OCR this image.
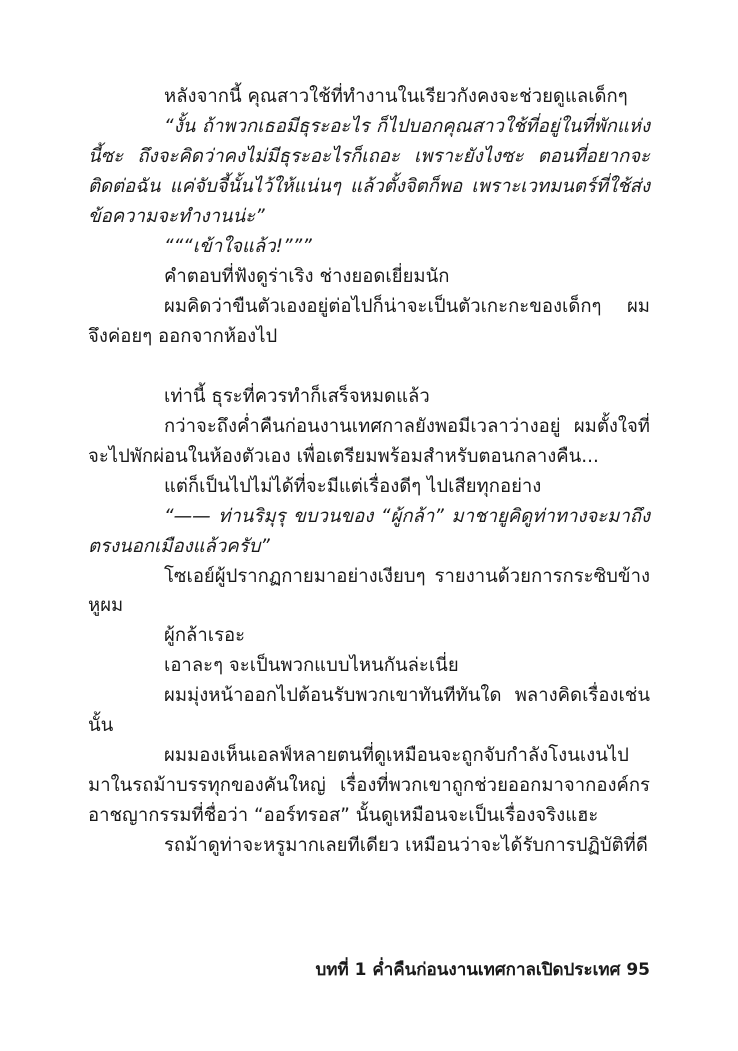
หลังจากนี้ คุณสาวใช้ที่ทำงานในเรียวกังคงจะช่วยดูแลเด็กๆ

“งั้น ถ้าพวกเธอมีธุระอะไร ก็ไปบอกคุณสาวใช้ที่อยู่ในที่พักแห่งนี้ซะ ถึงจะคิดว่าคงไม่มีธุระอะไรก็เถอะ เพราะยังไงซะ ตอนที่อยากจะติดต่อฉัน แค่จับจี้นั้นไว้ให้แน่นๆ แล้วตั้งจิตก็พอ เพราะเวทมนตร์ที่ใช้ส่งข้อความจะทำงานน่ะ”

“““เข้าใจแล้ว!”””

คำตอบที่ฟังดูร่าเริง ช่างยอดเยี่ยมนัก

ผมคิดว่าขืนตัวเองอยู่ต่อไปก็น่าจะเป็นตัวเกะกะของเด็กๆ ผมจึงค่อยๆ ออกจากห้องไป

เท่านี้ ธุระที่ควรทำก็เสร็จหมดแล้ว

กว่าจะถึงค่ำคืนก่อนงานเทศกาลยังพอมีเวลาว่างอยู่ ผมตั้งใจที่จะไปพักผ่อนในห้องตัวเอง เพื่อเตรียมพร้อมสำหรับตอนกลางคืน...

แต่ก็เป็นไปไม่ได้ที่จะมีแต่เรื่องดีๆ ไปเสียทุกอย่าง

“—— ท่านริมุรุ ขบวนของ “ผู้กล้า” มาชายูคิดูท่าทางจะมาถึงตรงนอกเมืองแล้วครับ”

โซเอย์ผู้ปรากฏกายมาอย่างเงียบๆ รายงานด้วยการกระซิบข้างหูผม

ผู้กล้าเรอะ

เอาละๆ จะเป็นพวกแบบไหนกันล่ะเนี่ย

ผมมุ่งหน้าออกไปต้อนรับพวกเขาทันทีทันใด พลางคิดเรื่องเช่นนั้น

ผมมองเห็นเอลฟ์หลายตนที่ดูเหมือนจะถูกจับกำลังโงนเงนไปมาในรถม้าบรรทุกของคันใหญ่ เรื่องที่พวกเขาถูกช่วยออกมาจากองค์กรอาชญากรรมที่ชื่อว่า “ออร์ทรอส” นั้นดูเหมือนจะเป็นเรื่องจริงแฮะ

รถม้าดูท่าจะหรูมากเลยทีเดียว เหมือนว่าจะได้รับการปฏิบัติที่ดี

บทที่ 1 ค่ำคืนก่อนงานเทศกาลเปิดประเทศ 95
